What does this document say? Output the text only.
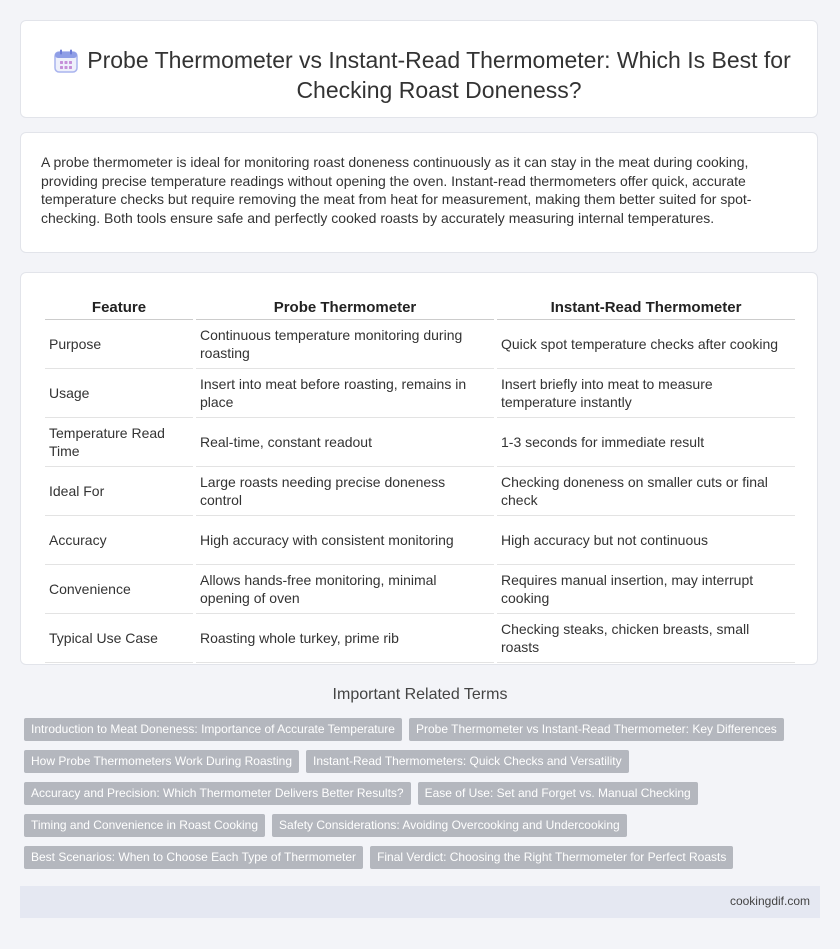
Probe Thermometer vs Instant-Read Thermometer: Which Is Best for Checking Roast Doneness?

A probe thermometer is ideal for monitoring roast doneness continuously as it can stay in the meat during cooking, providing precise temperature readings without opening the oven. Instant-read thermometers offer quick, accurate temperature checks but require removing the meat from heat for measurement, making them better suited for spot-checking. Both tools ensure safe and perfectly cooked roasts by accurately measuring internal temperatures.

Feature	Probe Thermometer	Instant-Read Thermometer
Purpose	Continuous temperature monitoring during roasting	Quick spot temperature checks after cooking
Usage	Insert into meat before roasting, remains in place	Insert briefly into meat to measure temperature instantly
Temperature Read Time	Real-time, constant readout	1-3 seconds for immediate result
Ideal For	Large roasts needing precise doneness control	Checking doneness on smaller cuts or final check
Accuracy	High accuracy with consistent monitoring	High accuracy but not continuous
Convenience	Allows hands-free monitoring, minimal opening of oven	Requires manual insertion, may interrupt cooking
Typical Use Case	Roasting whole turkey, prime rib	Checking steaks, chicken breasts, small roasts
Important Related Terms
Introduction to Meat Doneness: Importance of Accurate Temperature	Probe Thermometer vs Instant-Read Thermometer: Key Differences
How Probe Thermometers Work During Roasting	Instant-Read Thermometers: Quick Checks and Versatility
Accuracy and Precision: Which Thermometer Delivers Better Results?	Ease of Use: Set and Forget vs. Manual Checking
Timing and Convenience in Roast Cooking	Safety Considerations: Avoiding Overcooking and Undercooking
Best Scenarios: When to Choose Each Type of Thermometer	Final Verdict: Choosing the Right Thermometer for Perfect Roasts
cookingdif.com
